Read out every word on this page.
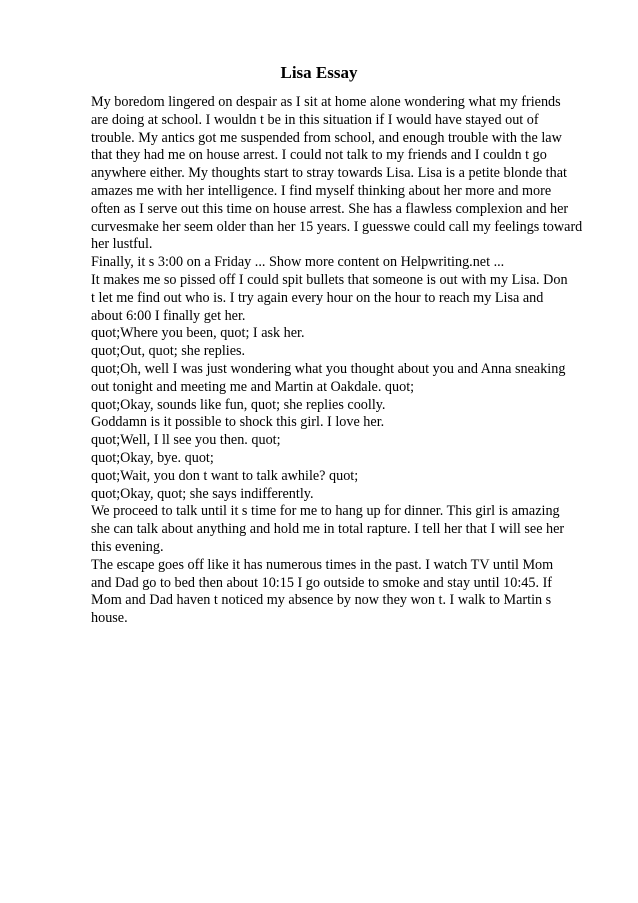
Lisa Essay
My boredom lingered on despair as I sit at home alone wondering what my friends
are doing at school. I wouldn t be in this situation if I would have stayed out of
trouble. My antics got me suspended from school, and enough trouble with the law
that they had me on house arrest. I could not talk to my friends and I couldn t go
anywhere either. My thoughts start to stray towards Lisa. Lisa is a petite blonde that
amazes me with her intelligence. I find myself thinking about her more and more
often as I serve out this time on house arrest. She has a flawless complexion and her
curvesmake her seem older than her 15 years. I guesswe could call my feelings toward
her lustful.
Finally, it s 3:00 on a Friday ... Show more content on Helpwriting.net ...
It makes me so pissed off I could spit bullets that someone is out with my Lisa. Don
t let me find out who is. I try again every hour on the hour to reach my Lisa and
about 6:00 I finally get her.
quot;Where you been, quot; I ask her.
quot;Out, quot; she replies.
quot;Oh, well I was just wondering what you thought about you and Anna sneaking
out tonight and meeting me and Martin at Oakdale. quot;
quot;Okay, sounds like fun, quot; she replies coolly.
Goddamn is it possible to shock this girl. I love her.
quot;Well, I ll see you then. quot;
quot;Okay, bye. quot;
quot;Wait, you don t want to talk awhile? quot;
quot;Okay, quot; she says indifferently.
We proceed to talk until it s time for me to hang up for dinner. This girl is amazing
she can talk about anything and hold me in total rapture. I tell her that I will see her
this evening.
The escape goes off like it has numerous times in the past. I watch TV until Mom
and Dad go to bed then about 10:15 I go outside to smoke and stay until 10:45. If
Mom and Dad haven t noticed my absence by now they won t. I walk to Martin s
house.
